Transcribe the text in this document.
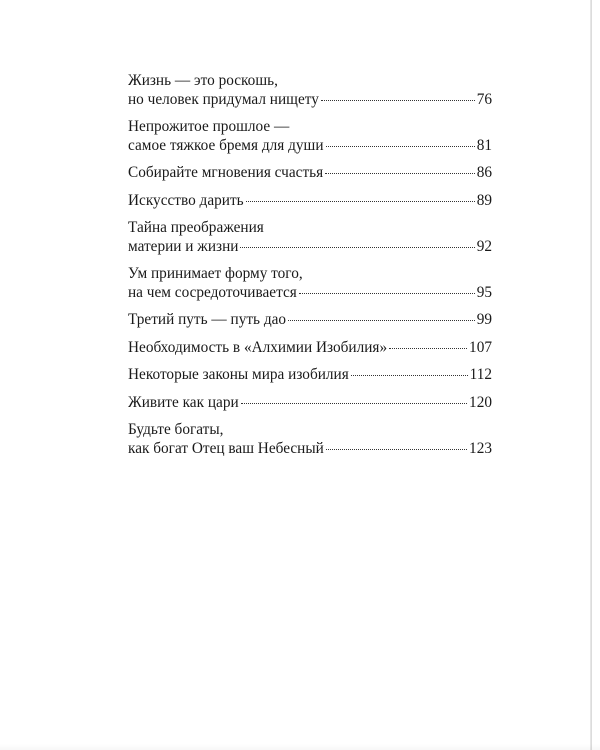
Жизнь — это роскошь,
но человек придумал нищету	76
Непрожитое прошлое —
самое тяжкое бремя для души	81
Собирайте мгновения счастья	86
Искусство дарить	89
Тайна преображения
материи и жизни	92
Ум принимает форму того,
на чем сосредоточивается	95
Третий путь — путь дао	99
Необходимость в «Алхимии Изобилия»	107
Некоторые законы мира изобилия	112
Живите как цари	120
Будьте богаты,
как богат Отец ваш Небесный	123
